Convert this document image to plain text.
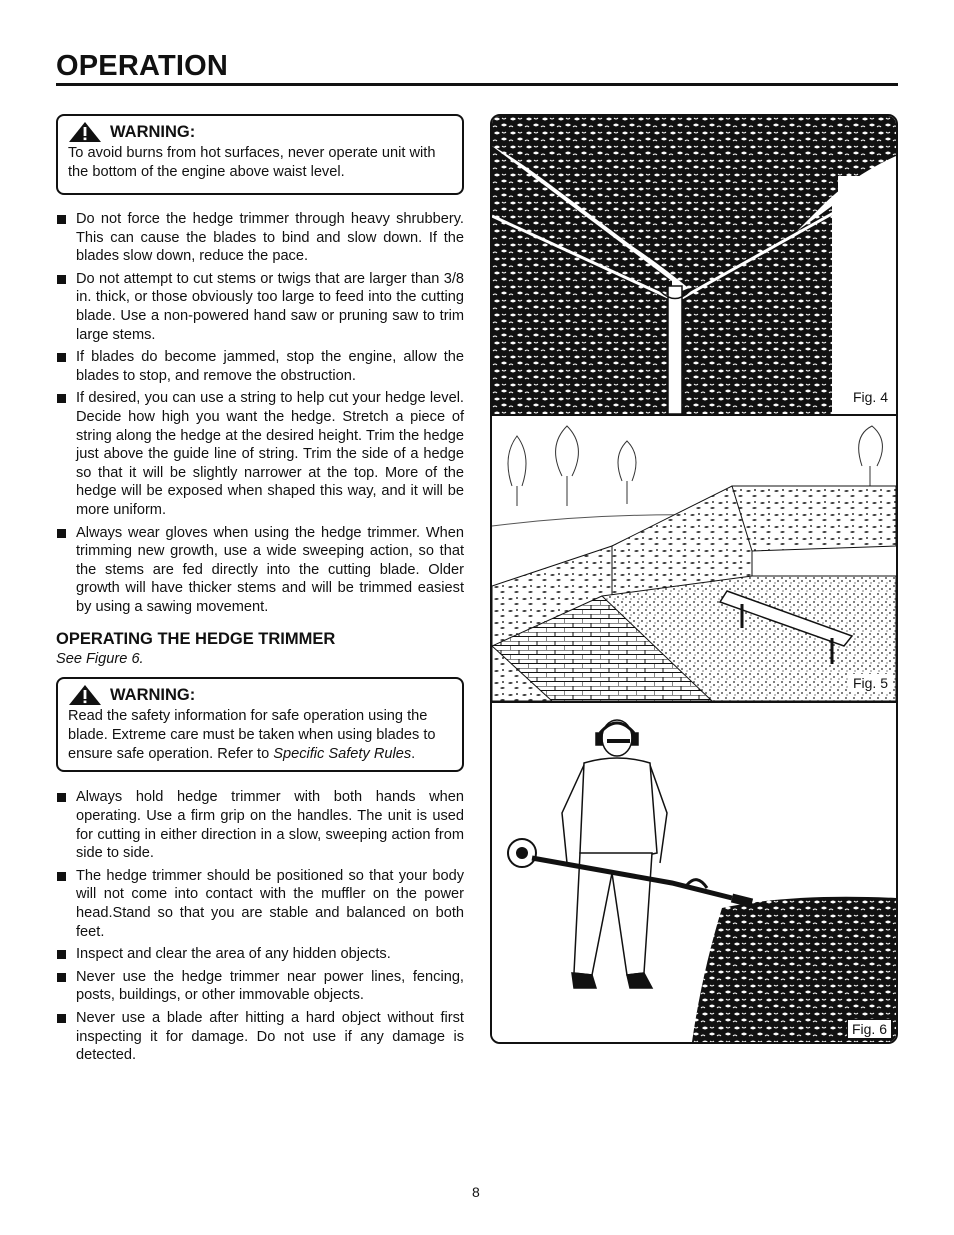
OPERATION
WARNING:
To avoid burns from hot surfaces, never operate unit with the bottom of the engine above waist level.
Do not force the hedge trimmer through heavy shrubbery. This can cause the blades to bind and slow down. If the blades slow down, reduce the pace.
Do not attempt to cut stems or twigs that are larger than 3/8 in. thick, or those obviously too large to feed into the cutting blade. Use a non-powered hand saw or pruning saw to trim large stems.
If blades do become jammed, stop the engine, allow the blades to stop, and remove the obstruction.
If desired, you can use a string to help cut your hedge level. Decide how high you want the hedge. Stretch a piece of string along the hedge at the desired height. Trim the hedge just above the guide line of string. Trim the side of a hedge so that it will be slightly narrower at the top. More of the hedge will be exposed when shaped this way, and it will be more uniform.
Always wear gloves when using the hedge trimmer. When trimming new growth, use a wide sweeping action, so that the stems are fed directly into the cutting blade. Older growth will have thicker stems and will be trimmed easiest by using a sawing movement.
OPERATING THE HEDGE TRIMMER
See Figure 6.
WARNING:
Read the safety information for safe operation using the blade. Extreme care must be taken when using blades to ensure safe operation. Refer to Specific Safety Rules.
Always hold hedge trimmer with both hands when operating. Use a firm grip on the handles. The unit is used for cutting in either direction in a slow, sweeping action from side to side.
The hedge trimmer should be positioned so that your body will not come into contact with the muffler on the power head.Stand so that you are stable and balanced on both feet.
Inspect and clear the area of any hidden objects.
Never use the hedge trimmer near power lines, fencing, posts, buildings, or other immovable objects.
Never use a blade after hitting a hard object without first inspecting it for damage. Do not use if any damage is detected.
Fig. 4
Fig. 5
Fig. 6
8
